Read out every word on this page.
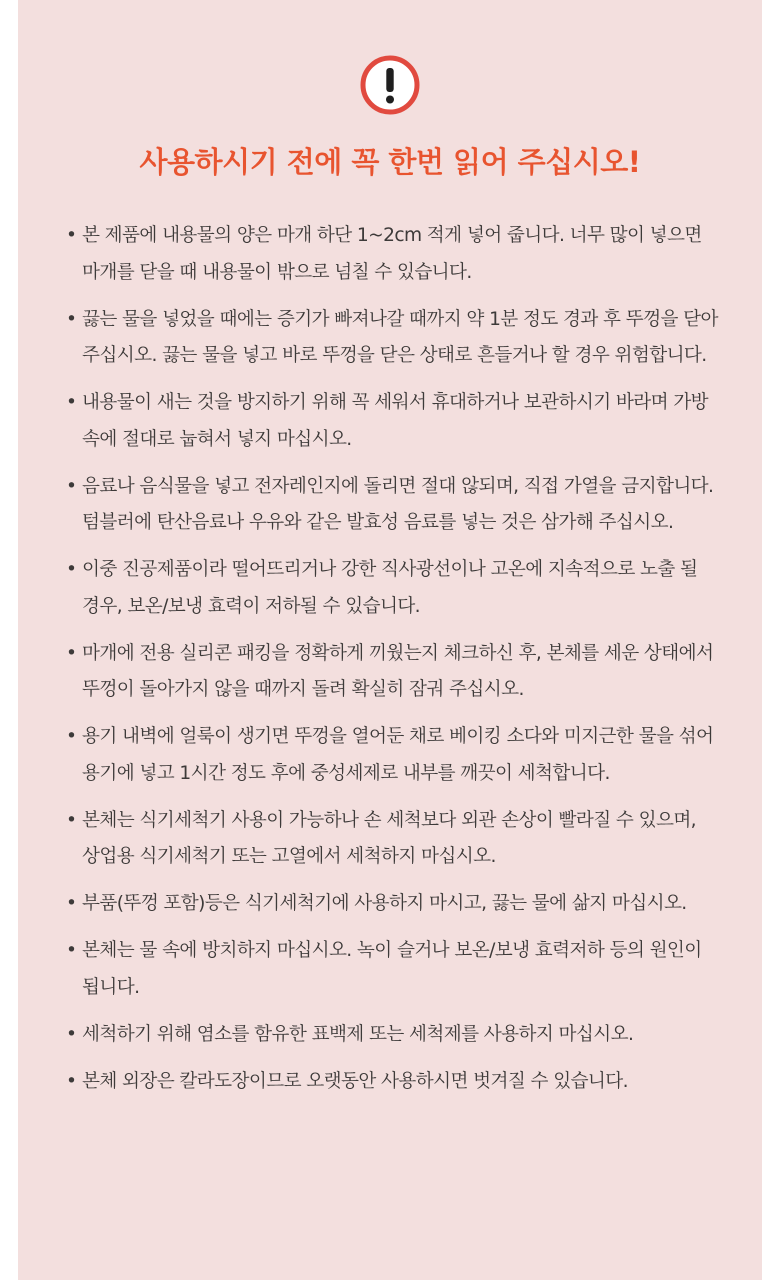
사용하시기 전에 꼭 한번 읽어 주십시오!
• 본 제품에 내용물의 양은 마개 하단 1~2cm 적게 넣어 줍니다. 너무 많이 넣으면 마개를 닫을 때 내용물이 밖으로 넘칠 수 있습니다.
• 끓는 물을 넣었을 때에는 증기가 빠져나갈 때까지 약 1분 정도 경과 후 뚜껑을 닫아 주십시오. 끓는 물을 넣고 바로 뚜껑을 닫은 상태로 흔들거나 할 경우 위험합니다.
• 내용물이 새는 것을 방지하기 위해 꼭 세워서 휴대하거나 보관하시기 바라며 가방 속에 절대로 눕혀서 넣지 마십시오.
• 음료나 음식물을 넣고 전자레인지에 돌리면 절대 않되며, 직접 가열을 금지합니다. 텀블러에 탄산음료나 우유와 같은 발효성 음료를 넣는 것은 삼가해 주십시오.
• 이중 진공제품이라 떨어뜨리거나 강한 직사광선이나 고온에 지속적으로 노출 될 경우, 보온/보냉 효력이 저하될 수 있습니다.
• 마개에 전용 실리콘 패킹을 정확하게 끼웠는지 체크하신 후, 본체를 세운 상태에서 뚜껑이 돌아가지 않을 때까지 돌려 확실히 잠궈 주십시오.
• 용기 내벽에 얼룩이 생기면 뚜껑을 열어둔 채로 베이킹 소다와 미지근한 물을 섞어 용기에 넣고 1시간 정도 후에 중성세제로 내부를 깨끗이 세척합니다.
• 본체는 식기세척기 사용이 가능하나 손 세척보다 외관 손상이 빨라질 수 있으며, 상업용 식기세척기 또는 고열에서 세척하지 마십시오.
• 부품(뚜껑 포함)등은 식기세척기에 사용하지 마시고, 끓는 물에 삶지 마십시오.
• 본체는 물 속에 방치하지 마십시오. 녹이 슬거나 보온/보냉 효력저하 등의 원인이 됩니다.
• 세척하기 위해 염소를 함유한 표백제 또는 세척제를 사용하지 마십시오.
• 본체 외장은 칼라도장이므로 오랫동안 사용하시면 벗겨질 수 있습니다.
